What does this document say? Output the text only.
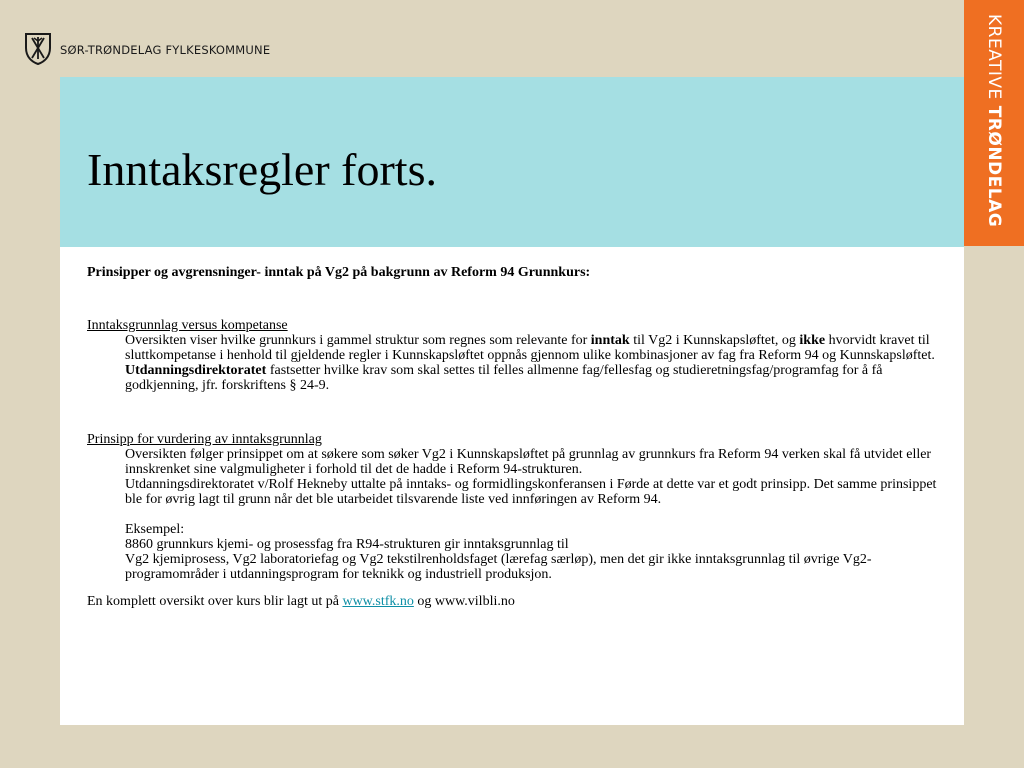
SØR-TRØNDELAG FYLKESKOMMUNE	KREATIVE TRØNDELAG
Inntaksregler forts.

Prinsipper og avgrensninger- inntak på Vg2 på bakgrunn av Reform 94 Grunnkurs:

Inntaksgrunnlag versus kompetanse

Oversikten viser hvilke grunnkurs i gammel struktur som regnes som relevante for inntak til Vg2 i Kunnskapsløftet, og ikke hvorvidt kravet til sluttkompetanse i henhold til gjeldende regler i Kunnskapsløftet oppnås gjennom ulike kombinasjoner av fag fra Reform 94 og Kunnskapsløftet.

Utdanningsdirektoratet fastsetter hvilke krav som skal settes til felles allmenne fag/fellesfag og studieretningsfag/programfag for å få godkjenning, jfr. forskriftens § 24-9.

Prinsipp for vurdering av inntaksgrunnlag

Oversikten følger prinsippet om at søkere som søker Vg2 i Kunnskapsløftet på grunnlag av grunnkurs fra Reform 94 verken skal få utvidet eller innskrenket sine valgmuligheter i forhold til det de hadde i Reform 94-strukturen.

Utdanningsdirektoratet v/Rolf Hekneby uttalte på inntaks- og formidlingskonferansen i Førde at dette var et godt prinsipp. Det samme prinsippet ble for øvrig lagt til grunn når det ble utarbeidet tilsvarende liste ved innføringen av Reform 94.

Eksempel:

8860 grunnkurs kjemi- og prosessfag fra R94-strukturen gir inntaksgrunnlag til

Vg2 kjemiprosess, Vg2 laboratoriefag og Vg2 tekstilrenholdsfaget (lærefag særløp), men det gir ikke inntaksgrunnlag til øvrige Vg2-programområder i utdanningsprogram for teknikk og industriell produksjon.

En komplett oversikt over kurs blir lagt ut på www.stfk.no og www.vilbli.no
